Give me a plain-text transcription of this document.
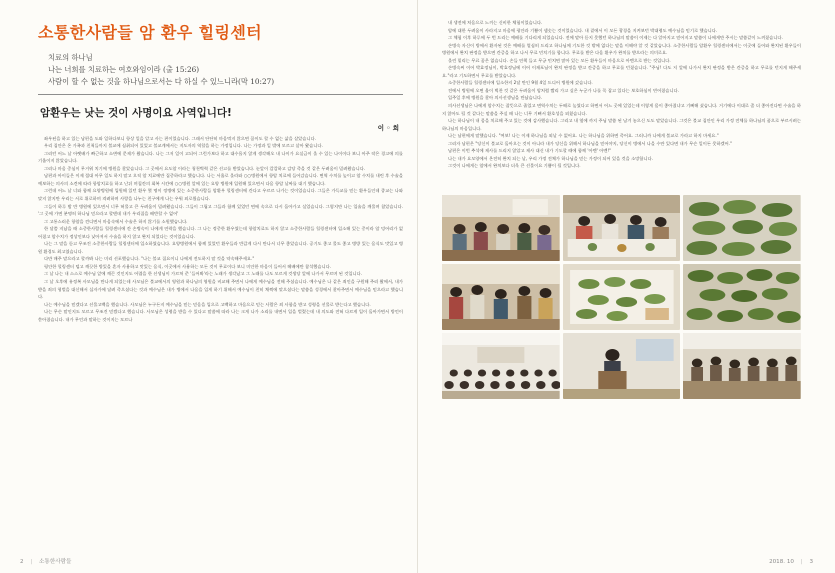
소통한사람들 암 환우 힐링센터
치료의 하나님
나는 너희를 치료하는 여호와임이라 (출 15:26)
사람이 할 수 없는 것을 하나님으로서는 다 하실 수 있느니라(막 10:27)
암환우는 낫는 것이 사명이요 사역입니다!
이 ◦ 희

좌우된을 하고 있는 남편을 도와 일하다보니 항상 일을 알고 사는 편이었습니다. 그래서 단단히 마음먹지 않으면 꿈이도 할 수 없는 삶을 살았습니다.

우리 집안은 온 가족과 친척들까지 불교에 심취되어 있었고 불교계에서는 지도자의 역할을 하는 가정입니다. 나는 가정과 일 밖에 모르고 살아 왔습니다.

그러던 어느 날 아랫배가 빠근하고 소변에 문제가 왔습니다. 나는 그저 일이 고되어 그런가보다 하고 대수롭지 않게 생각해오 내 나이가 요실금이 올 수 있는 나이이다 보니 아주 작은 경고에 의를 기울이지 않았습니다.

그러나 마음 중심이 무거워 치기에 병원을 찾았습니다. 그 곳에서 요도암 이라는 청천벽력 같은 선고를 받았습니다. 눈앞이 캄캄하고 감당 죽을 것 같은 두려움이 밀려왔습니다.

남편과 아이들은 이제 절대 아무 일도 하지 말고 오직 암 치료에만 집중하라고 했습니다. 나는 서울로 올라와 ○○병원에서 항암 치료에 들어갔습니다. 면역 수치를 높이고 암 수치를 내린 후 수술을 예보하는 의사의 소견에 따라 항암치료를 하고 난뒤 며칠간의 회복 시간에 ○○병원 앞에 있는 요양 병원에 입원해 있으면서 다음 항암 날짜를 대기 했습니다.

그런데 어느 날 너와 함께 요양병원에 입원해 있던 환우 몇 명이 정병에 있는 소중한사람들 암환우 힐링센터에 간다고 우르르 나가는 것이었습니다. 그들은 가득교를 믿는 환우들인데 종교는 나와 맞지 않지만 우리는 서로 위로하며 격려하며 사랑을 나누는 친구에게 나는 우워 외로웠습니다.

그들이 하루 밤 반 병원에 있으면서 너무 허물고 큰 두려움이 밀려왔습니다. 그들이 그립고 그들과 함께 있었던 면에 속으로 다시 돌아가고 싶었습니다. 그렇지만 나는 입술을 깨물며 참았습니다. '그 곳에 가면 분명히 하나님 믿으라고 할텐데 내가 우리집을 배반할 수 없어'

그 고통스러운 항암을 견디면서 마음속에서 수술은 하지 않기를 소원했습니다.

한 달쯤 지났을 때 소중한사람들 힐링센터에 간 손병숙이 나에게 연락을 했습니다. 그 나는 정중한 환우였는데 항암치료도 하지 않고 소중한사람들 힐링센터에 입소해 있는 중이라 암 덩어리가 없어졌고 암수치가 정상인보다 낮아져서 수술을 하지 않고 완치 되었다는 것이었습니다.

나는 그 말을 듣고 무조건 소중한사람들 힐링센터에 입소하였습니다. 요양병원에서 함께 있었던 환우들과 반갑게 다시 만나서 너무 좋았습니다. 공기도 좋고 물도 좋고 병방 있는 음식도 맛있고 병원 환경도 최고였습니다.

다만 매주 말으라고 할까봐 나는 미리 선포했습니다. "나는 불교 집요이니 나에게 전도하지 말 것을 약속해주세요."

평안한 힐링센터 덥고 깨끗한 방있을 혼자 사용하고 맛있는 음식, 이곳에서 사용하는 모든 것이 무료이다 보니 미안한 마음이 들어서 헤배에만 참석했습니다.

그 날 나는 내 스스로 예수님 앞에 깨끈 것인지도 어렵을 한 선생님이 가르쳐 준 '들어봐'라는 노래가 생각났고 그 노래를 나도 모르게 것생당 앞에 나가서 무르며 된 것입니다.

그 날 오후에 유정복 사모님을 만나게 되었는데 사모님은 불교에서의 영원과 하나님의 영원을 비교해 주면서 나에게 예수님을 전해 주셨습니다. 예수님은 나 같은 죄인을 구원해 주러 왔에서, 내가 받을 죄의 형벌을 대신해서 십자가에 달려 죽으셨다는 것과 예수님은 내가 병에서 나음을 입게 하기 위해서 예수님이 친히 채찍에 맞으셨다는 말씀을 성경에서 찾아주면서 예수님을 믿으라고 했습니다.

나는 예수님을 믿겠다고 선물고백을 했습니다. 사모님은 누구든지 예수님을 믿는 믿음을 입으로 고백하고 마음으로 믿는 사람은 죄 사함을 받고 성령을 선물로 받는다고 했습니다.

나는 무슨 말인지도 모르고 무조건 믿겠다고 했습니다. 사모님은 성령을 받을 수 있다고 말씀에 따라 나는 크게 나가 소리를 내면서 입을 벌렸는데 내 의도와 전혀 다르게 입이 돌아가면서 방언이 쏟아졌습니다. 내가 무언과 말하는 것이지는 모르나

2 | 소통한사람들

내 생전에 처음으로 느끼는 신비한 체험이었습니다.

암에 대한 두려움이 사라지고 마음에 평안과 기쁨이 샘솟는 것이었습니다. 내 곁에서 이 모든 광경을 지켜보던 박대령도 예수님을 믿기로 했습니다.

그 체험 이후 하루에 두 번 드리는 예배를 기다리게 되었습니다. 전에 말아 듣지 못했던 하나님의 말씀이 이제는 다 알아지고 믿어지고 말씀이 나에게만 주시는 말씀같이 느껴졌습니다.

손병숙 자신이 방에서 환자된 것은 예배를 열심히 드리고 하나님께 기도한 것 밖에 없다는 말을 이해야 알 것 같았습니다. 소중한사람들 암환우 힐링센터에서는 이곳에 들어와 완치된 환우들이 병원에서 완치 판정을 받으면 간증을 하고 나서 무료 민치기를 합니다. 무료를 받은 다음 환우가 완치를 받으라는 의미로요.

올린 밑리는 무료 꿈은 없습니다. 손들 연책 들고 무궁 민치면 많아 있는 모든 환우들이 마음으로 아멘으로 받는 것입니다.

손병숙씨 이어 박효정님이, 박효정님에 이어 이재포님이 완치 판정을 받고 간증을 하고 무료를 던졌습니다. "주님! 다도 저 앞에 나가서 완치 판정을 받은 간증을 하고 무료를 던지게 해주세요."라고 기도하면서 무료를 받았습니다.

소중한사람들 힐링센터에 입소한지 2달 만인 9월 4일 드디어 병원에 갔습니다.

전에서 병원에 오면 울이 벅찬 것 같은 두려움이 암처럼 빨리 가고 싶은 누군가 나를 꼭 잡고 있다는 보호하심이 빈어졌습니다.

입주일 후에 병원을 찾아 의사선생님을 만났습니다.

의사선생님은 나에게 암수치는 잡뜻으로 줄었고 면역수치는 두배로 높였다고 하면서 어느 곳에 있었는데 이렇게 몸이 좋아졌냐고 기뻐해 셨습니다. 거기에다 이대로 좀 더 좋아진다면 수술을 하지 않아도 될 것 같다는 말씀을 주실 때 나는 너무 기뻐서 환호성을 외쳤습니다.

나는 하나님이 내 몸을 치료해 주고 있는 것에 감사했습니다. 그리고 내 옆에 까지 주님 말씀 된 남겨 놓으신 도도 말았습니다. 그것은 불교 집안인 우리 가정 전체를 하나님의 품으로 부르시려는 하나님의 마음입니다.

나는 남편에게 말했습니다. "여보! 나는 이제 하나님을 외날 수 없어요. 나는 하나님을 위하면 죽어요. 그러니까 나에게 불교로 가라고 하지 마세요."

그러자 남편은 "당신이 불교로 돌아오는 것이 아니라 내가 당신을 위해서 하나님을 믿어야지, 당신이 병에서 나을 수만 있다면 내가 무슨 일이든 못하겠어."

남편은 이번 추석에 제사를 드리지 않았고 제사 대신 내가 기도할 때에 함께 '아멘' 아멘!"

나는 내가 요모양에서 온전히 완치 되는 날, 우리 가정 전체가 하나님을 믿는 가정이 되어 있을 것을 소망합니다.

그것이 나에게는 암에서 완치보다 더욱 큰 선물이요 기쁨이 될 것입니다.

2018. 10 | 3
